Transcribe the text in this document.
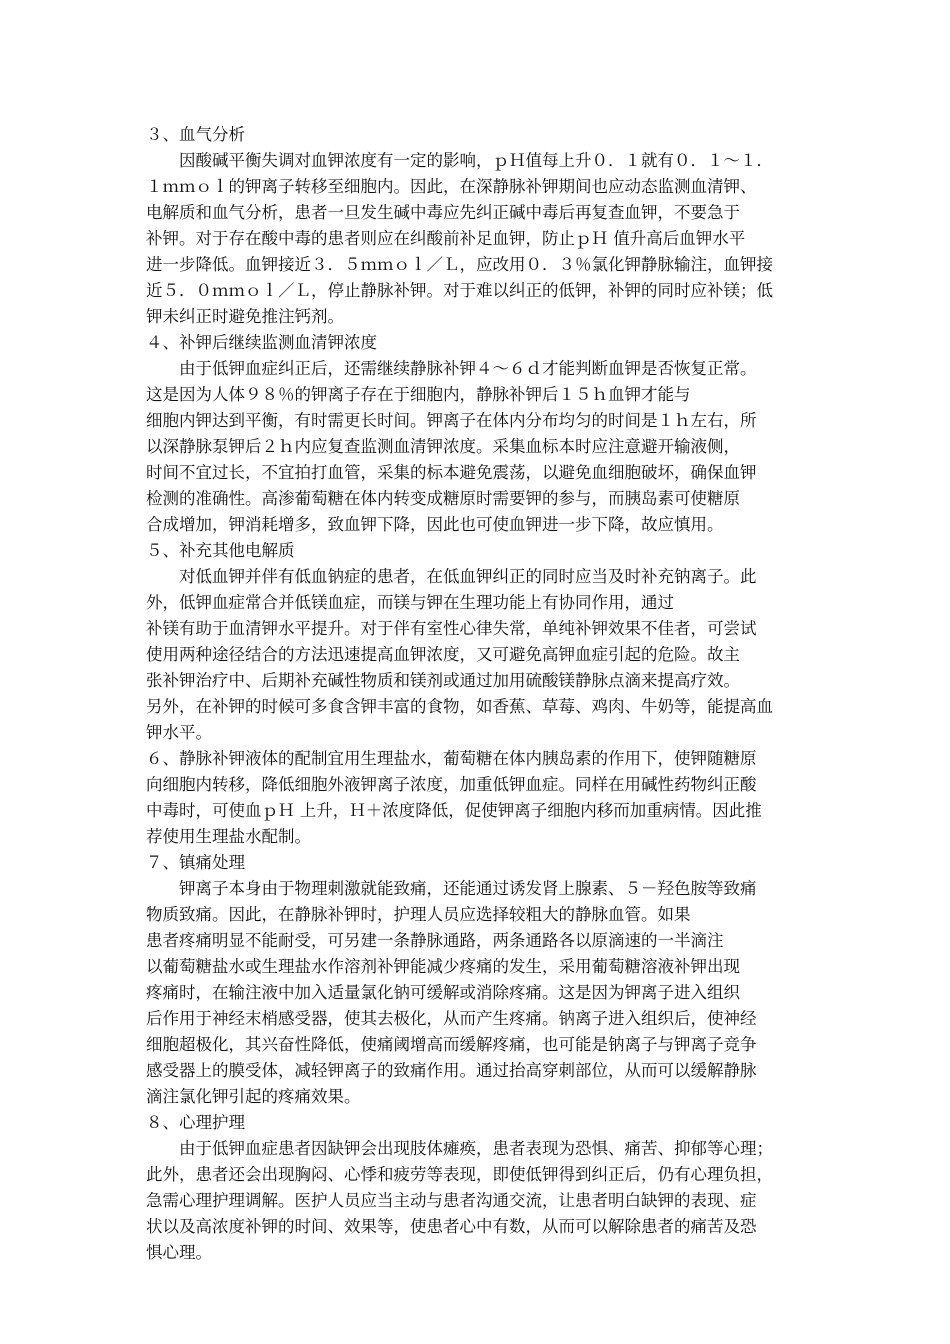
３、血气分析

因酸碱平衡失调对血钾浓度有一定的影响，ｐＨ值每上升０．１就有０．１～１．

１ｍｍｏｌ的钾离子转移至细胞内。因此，在深静脉补钾期间也应动态监测血清钾、

电解质和血气分析，患者一旦发生碱中毒应先纠正碱中毒后再复查血钾，不要急于

补钾。对于存在酸中毒的患者则应在纠酸前补足血钾，防止ｐＨ 值升高后血钾水平

进一步降低。血钾接近３．５ｍｍｏｌ／Ｌ，应改用０．３％氯化钾静脉输注，血钾接

近５．０ｍｍｏｌ／Ｌ，停止静脉补钾。对于难以纠正的低钾，补钾的同时应补镁；低

钾未纠正时避免推注钙剂。

４、补钾后继续监测血清钾浓度

由于低钾血症纠正后，还需继续静脉补钾４～６ｄ才能判断血钾是否恢复正常。

这是因为人体９８％的钾离子存在于细胞内，静脉补钾后１５ｈ血钾才能与

细胞内钾达到平衡，有时需更长时间。钾离子在体内分布均匀的时间是１ｈ左右，所

以深静脉泵钾后２ｈ内应复查监测血清钾浓度。采集血标本时应注意避开输液侧，

时间不宜过长，不宜拍打血管，采集的标本避免震荡，以避免血细胞破坏，确保血钾

检测的准确性。高渗葡萄糖在体内转变成糖原时需要钾的参与，而胰岛素可使糖原

合成增加，钾消耗增多，致血钾下降，因此也可使血钾进一步下降，故应慎用。

５、补充其他电解质

对低血钾并伴有低血钠症的患者，在低血钾纠正的同时应当及时补充钠离子。此

外，低钾血症常合并低镁血症，而镁与钾在生理功能上有协同作用，通过

补镁有助于血清钾水平提升。对于伴有室性心律失常，单纯补钾效果不佳者，可尝试

使用两种途径结合的方法迅速提高血钾浓度，又可避免高钾血症引起的危险。故主

张补钾治疗中、后期补充碱性物质和镁剂或通过加用硫酸镁静脉点滴来提高疗效。

另外，在补钾的时候可多食含钾丰富的食物，如香蕉、草莓、鸡肉、牛奶等，能提高血

钾水平。

６、静脉补钾液体的配制宜用生理盐水，葡萄糖在体内胰岛素的作用下，使钾随糖原

向细胞内转移，降低细胞外液钾离子浓度，加重低钾血症。同样在用碱性药物纠正酸

中毒时，可使血ｐＨ 上升，Ｈ＋浓度降低，促使钾离子细胞内移而加重病情。因此推

荐使用生理盐水配制。

７、镇痛处理

钾离子本身由于物理刺激就能致痛，还能通过诱发肾上腺素、５－羟色胺等致痛

物质致痛。因此，在静脉补钾时，护理人员应选择较粗大的静脉血管。如果

患者疼痛明显不能耐受，可另建一条静脉通路，两条通路各以原滴速的一半滴注

以葡萄糖盐水或生理盐水作溶剂补钾能减少疼痛的发生，采用葡萄糖溶液补钾出现

疼痛时，在输注液中加入适量氯化钠可缓解或消除疼痛。这是因为钾离子进入组织

后作用于神经末梢感受器，使其去极化，从而产生疼痛。钠离子进入组织后，使神经

细胞超极化，其兴奋性降低，使痛阈增高而缓解疼痛，也可能是钠离子与钾离子竞争

感受器上的膜受体，减轻钾离子的致痛作用。通过抬高穿刺部位，从而可以缓解静脉

滴注氯化钾引起的疼痛效果。

８、心理护理

由于低钾血症患者因缺钾会出现肢体瘫痪，患者表现为恐惧、痛苦、抑郁等心理；

此外，患者还会出现胸闷、心悸和疲劳等表现，即使低钾得到纠正后，仍有心理负担，

急需心理护理调解。医护人员应当主动与患者沟通交流，让患者明白缺钾的表现、症

状以及高浓度补钾的时间、效果等，使患者心中有数，从而可以解除患者的痛苦及恐

惧心理。
